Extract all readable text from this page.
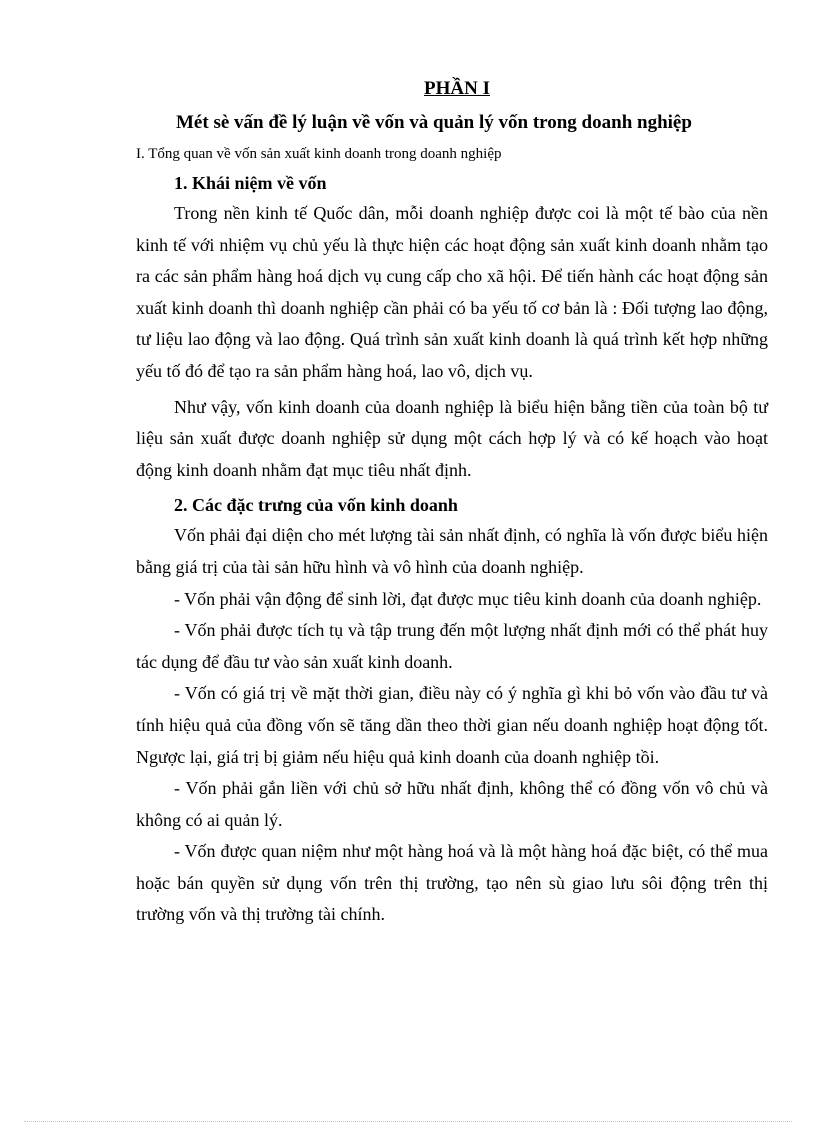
PHẦN I

Mét sè vấn đề lý luận về vốn và quản lý vốn trong doanh nghiệp

I. Tổng quan về vốn sản xuất kinh doanh trong doanh nghiệp

1. Khái niệm về vốn

Trong nền kinh tế Quốc dân, mỗi doanh nghiệp được coi là một tế bào của nền kinh tế với nhiệm vụ chủ yếu là thực hiện các hoạt động sản xuất kinh doanh nhằm tạo ra các sản phẩm hàng hoá dịch vụ cung cấp cho xã hội. Để tiến hành các hoạt động sản xuất kinh doanh thì doanh nghiệp cần phải có ba yếu tố cơ bản là : Đối tượng lao động, tư liệu lao động và lao động. Quá trình sản xuất kinh doanh là quá trình kết hợp những yếu tố đó để tạo ra sản phẩm hàng hoá, lao vô, dịch vụ.

Như vậy, vốn kinh doanh của doanh nghiệp là biểu hiện bằng tiền của toàn bộ tư liệu sản xuất được doanh nghiệp sử dụng một cách hợp lý và có kế hoạch vào hoạt động kinh doanh nhằm đạt mục tiêu nhất định.

2. Các đặc trưng của vốn kinh doanh

Vốn phải đại diện cho mét lượng tài sản nhất định, có nghĩa là vốn được biểu hiện bằng giá trị của tài sản hữu hình và vô hình của doanh nghiệp.

- Vốn phải vận động để sinh lời, đạt được mục tiêu kinh doanh của doanh nghiệp.

- Vốn phải được tích tụ và tập trung đến một lượng nhất định mới có thể phát huy tác dụng để đầu tư vào sản xuất kinh doanh.

- Vốn có giá trị về mặt thời gian, điều này có ý nghĩa gì khi bỏ vốn vào đầu tư và tính hiệu quả của đồng vốn sẽ tăng dần theo thời gian nếu doanh nghiệp hoạt động tốt. Ngược lại, giá trị bị giảm nếu hiệu quả kinh doanh của doanh nghiệp tồi.

- Vốn phải gắn liền với chủ sở hữu nhất định, không thể có đồng vốn vô chủ và không có ai quản lý.

- Vốn được quan niệm như một hàng hoá và là một hàng hoá đặc biệt, có thể mua hoặc bán quyền sử dụng vốn trên thị trường, tạo nên sù giao lưu sôi động trên thị trường vốn và thị trường tài chính.
